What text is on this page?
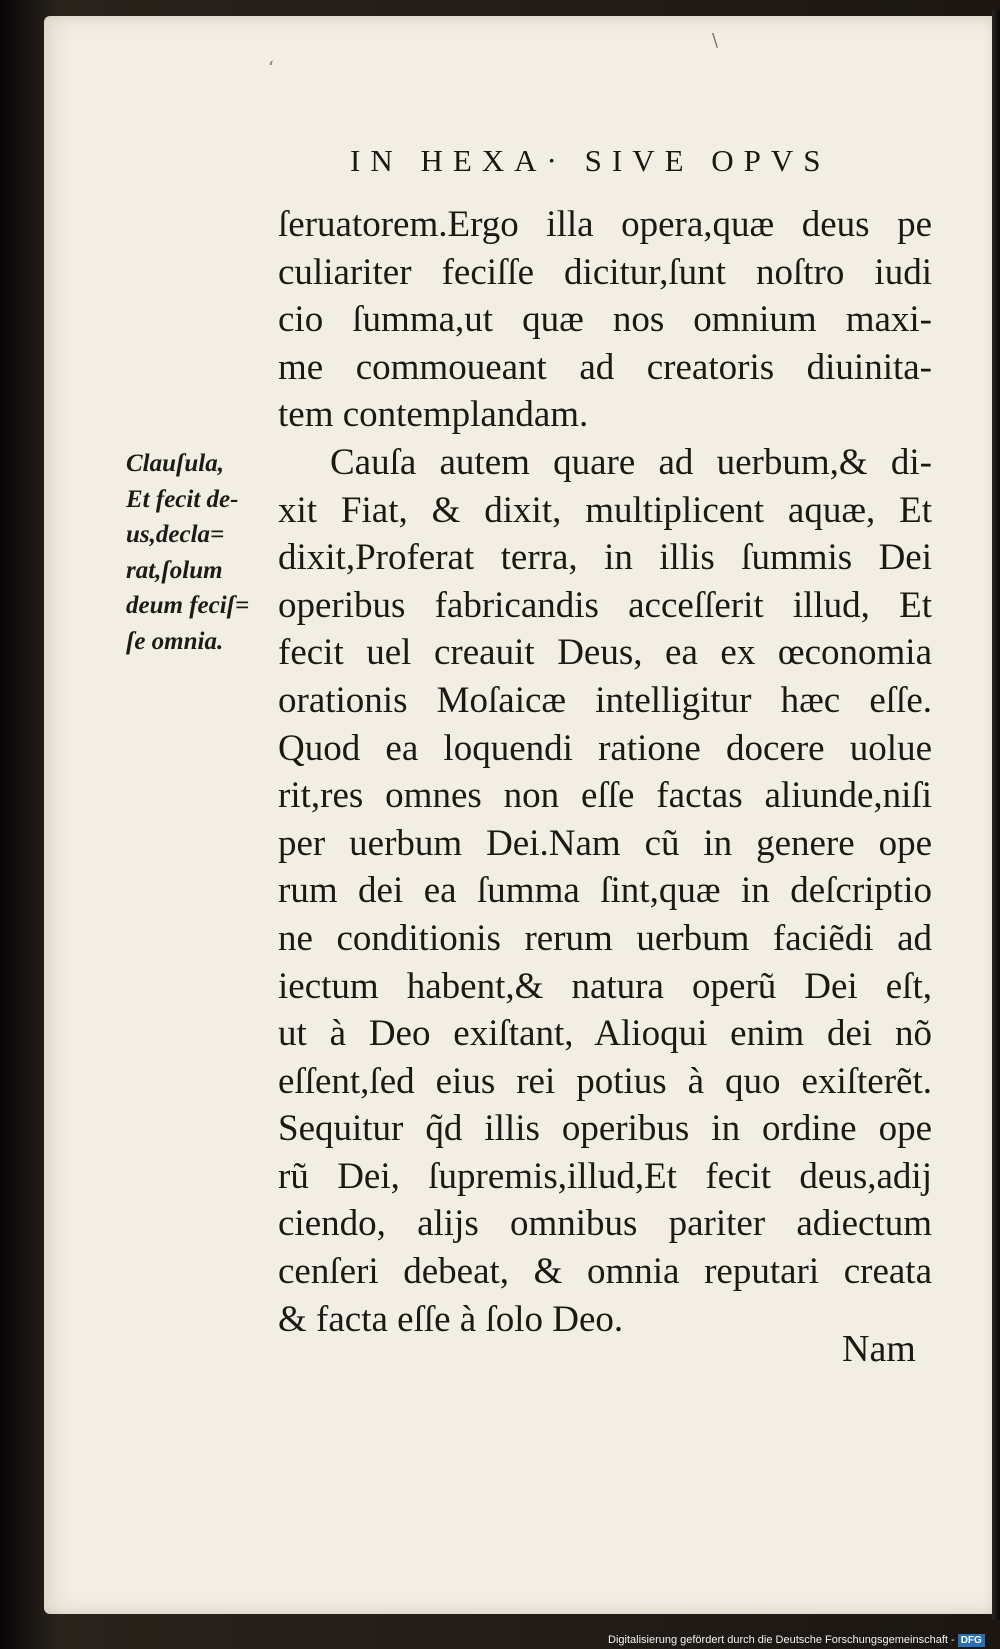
‘
\
IN HEXA· SIVE OPVS
ſeruatorem.Ergo illa opera,quæ deus pe
culiariter feciſſe dicitur,ſunt noſtro iudi
cio ſumma,ut quæ nos omnium maxi-
me commoueant ad creatoris diuinita-
tem contemplandam.
Cauſa autem quare ad uerbum,& di-
xit Fiat, & dixit, multiplicent aquæ, Et
dixit,Proferat terra, in illis ſummis Dei
operibus fabricandis acceſſerit illud, Et
fecit uel creauit Deus, ea ex œconomia
orationis Moſaicæ intelligitur hæc eſſe.
Quod ea loquendi ratione docere uolue
rit,res omnes non eſſe factas aliunde,niſi
per uerbum Dei.Nam cũ in genere ope
rum dei ea ſumma ſint,quæ in deſcriptio
ne conditionis rerum uerbum faciẽdi ad
iectum habent,& natura operũ Dei eſt,
ut à Deo exiſtant, Alioqui enim dei nõ
eſſent,ſed eius rei potius à quo exiſterẽt.
Sequitur q̃d illis operibus in ordine ope
rũ Dei, ſupremis,illud,Et fecit deus,adij
ciendo, alijs omnibus pariter adiectum
cenſeri debeat, & omnia reputari creata
& facta eſſe à ſolo Deo.
Nam
Clauſula,
Et fecit de-
us,decla=
rat,ſolum
deum feciſ=
ſe omnia.
Digitalisierung gefördert durch die Deutsche Forschungsgemeinschaft - DFG
